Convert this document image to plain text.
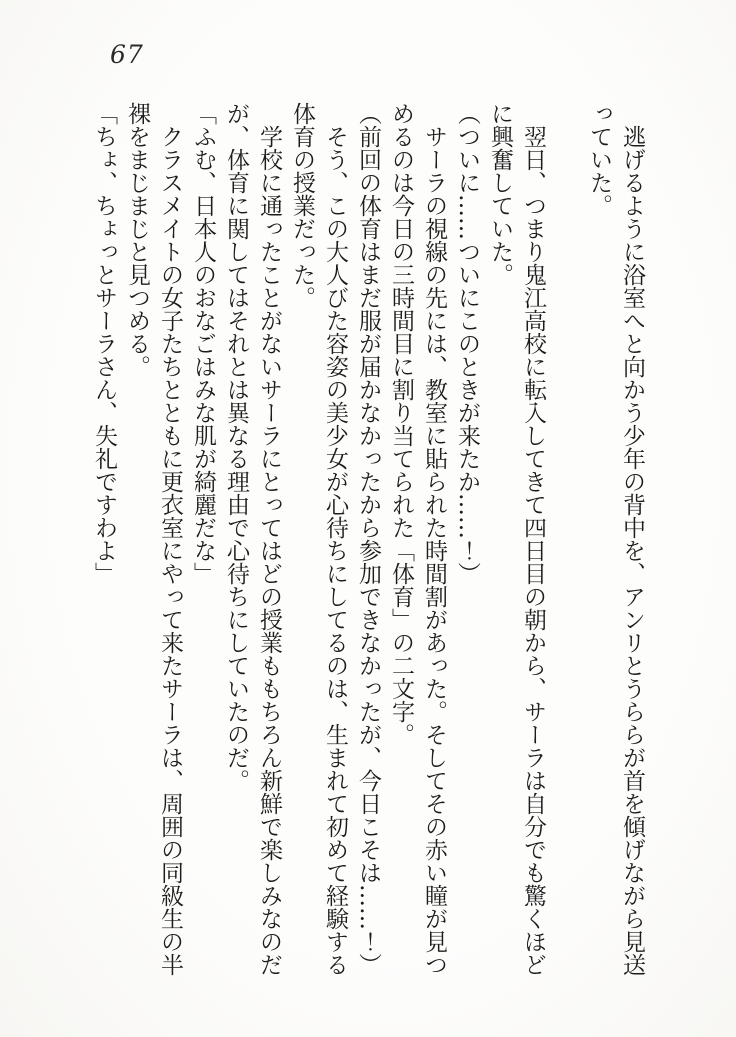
67

逃げるように浴室へと向かう少年の背中を、アンリとうららが首を傾げながら見送っていた。

翌日、つまり鬼江高校に転入してきて四日目の朝から、サーラは自分でも驚くほどに興奮していた。

（ついに……ついにこのときが来たか……！）

サーラの視線の先には、教室に貼られた時間割があった。そしてその赤い瞳が見つめるのは今日の三時間目に割り当てられた「体育」の二文字。

（前回の体育はまだ服が届かなかったから参加できなかったが、今日こそは……！）

そう、この大人びた容姿の美少女が心待ちにしてるのは、生まれて初めて経験する体育の授業だった。

学校に通ったことがないサーラにとってはどの授業ももちろん新鮮で楽しみなのだが、体育に関してはそれとは異なる理由で心待ちにしていたのだ。

「ふむ、日本人のおなごはみな肌が綺麗だな」

クラスメイトの女子たちとともに更衣室にやって来たサーラは、周囲の同級生の半裸をまじまじと見つめる。

「ちょ、ちょっとサーラさん、失礼ですわよ」
